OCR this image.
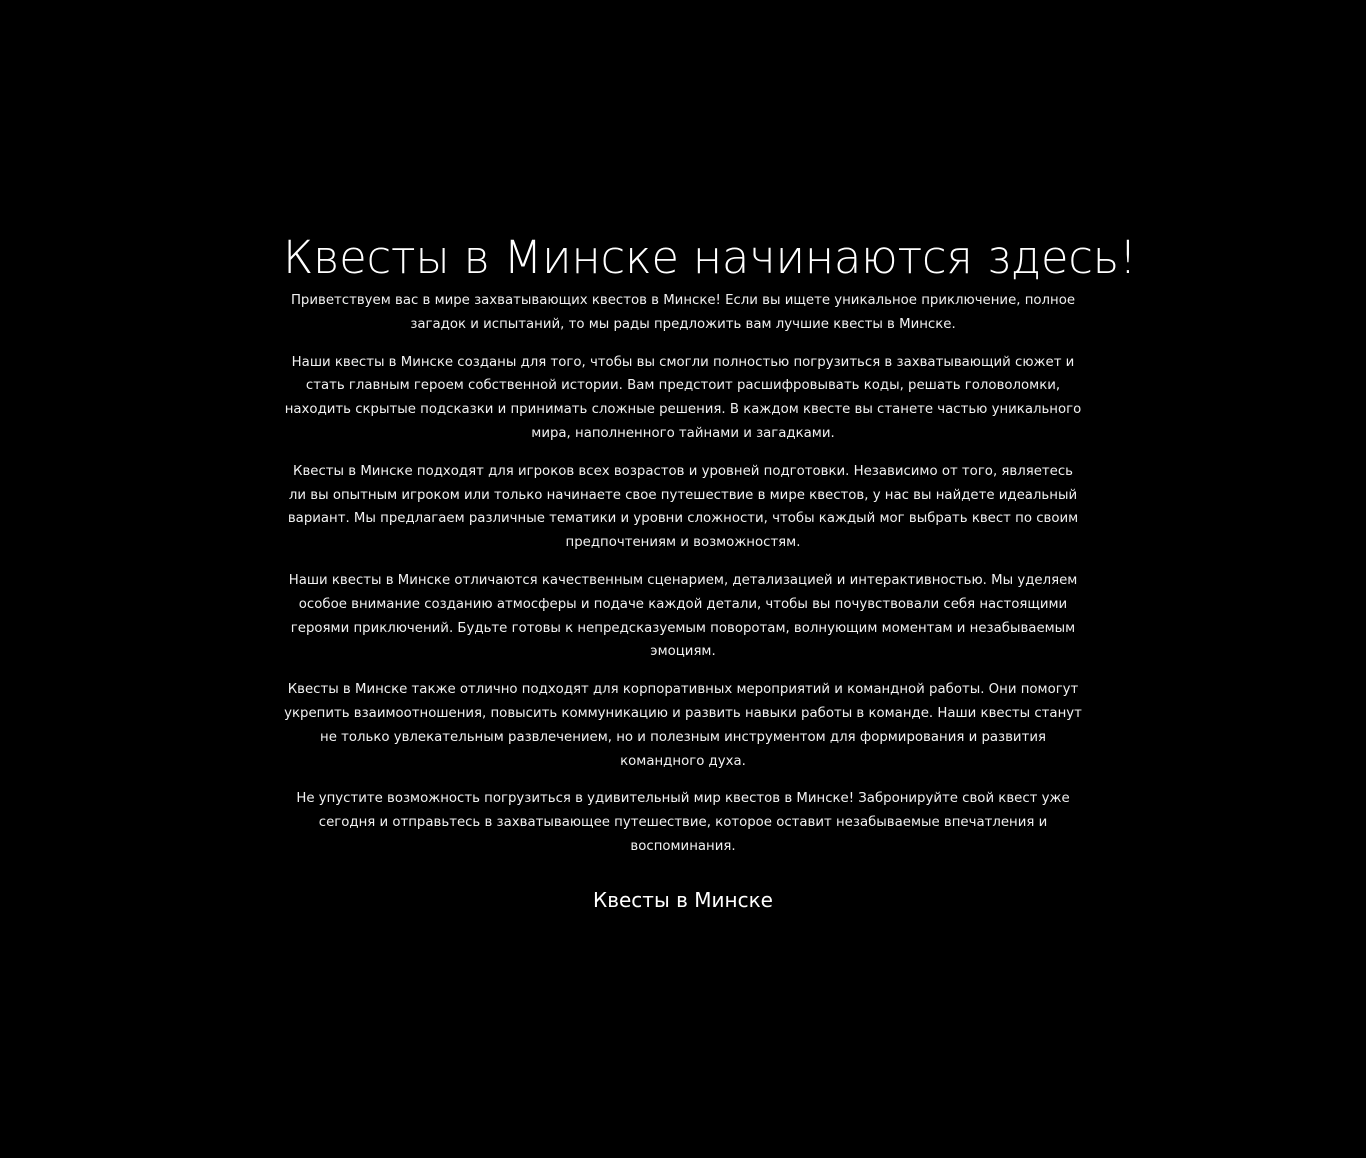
Квесты в Минске начинаются здесь!

Приветствуем вас в мире захватывающих квестов в Минске! Если вы ищете уникальное приключение, полное загадок и испытаний, то мы рады предложить вам лучшие квесты в Минске.

Наши квесты в Минске созданы для того, чтобы вы смогли полностью погрузиться в захватывающий сюжет и стать главным героем собственной истории. Вам предстоит расшифровывать коды, решать головоломки, находить скрытые подсказки и принимать сложные решения. В каждом квесте вы станете частью уникального мира, наполненного тайнами и загадками.

Квесты в Минске подходят для игроков всех возрастов и уровней подготовки. Независимо от того, являетесь ли вы опытным игроком или только начинаете свое путешествие в мире квестов, у нас вы найдете идеальный вариант. Мы предлагаем различные тематики и уровни сложности, чтобы каждый мог выбрать квест по своим предпочтениям и возможностям.

Наши квесты в Минске отличаются качественным сценарием, детализацией и интерактивностью. Мы уделяем особое внимание созданию атмосферы и подаче каждой детали, чтобы вы почувствовали себя настоящими героями приключений. Будьте готовы к непредсказуемым поворотам, волнующим моментам и незабываемым эмоциям.

Квесты в Минске также отлично подходят для корпоративных мероприятий и командной работы. Они помогут укрепить взаимоотношения, повысить коммуникацию и развить навыки работы в команде. Наши квесты станут не только увлекательным развлечением, но и полезным инструментом для формирования и развития командного духа.

Не упустите возможность погрузиться в удивительный мир квестов в Минске! Забронируйте свой квест уже сегодня и отправьтесь в захватывающее путешествие, которое оставит незабываемые впечатления и воспоминания.

Квесты в Минске
